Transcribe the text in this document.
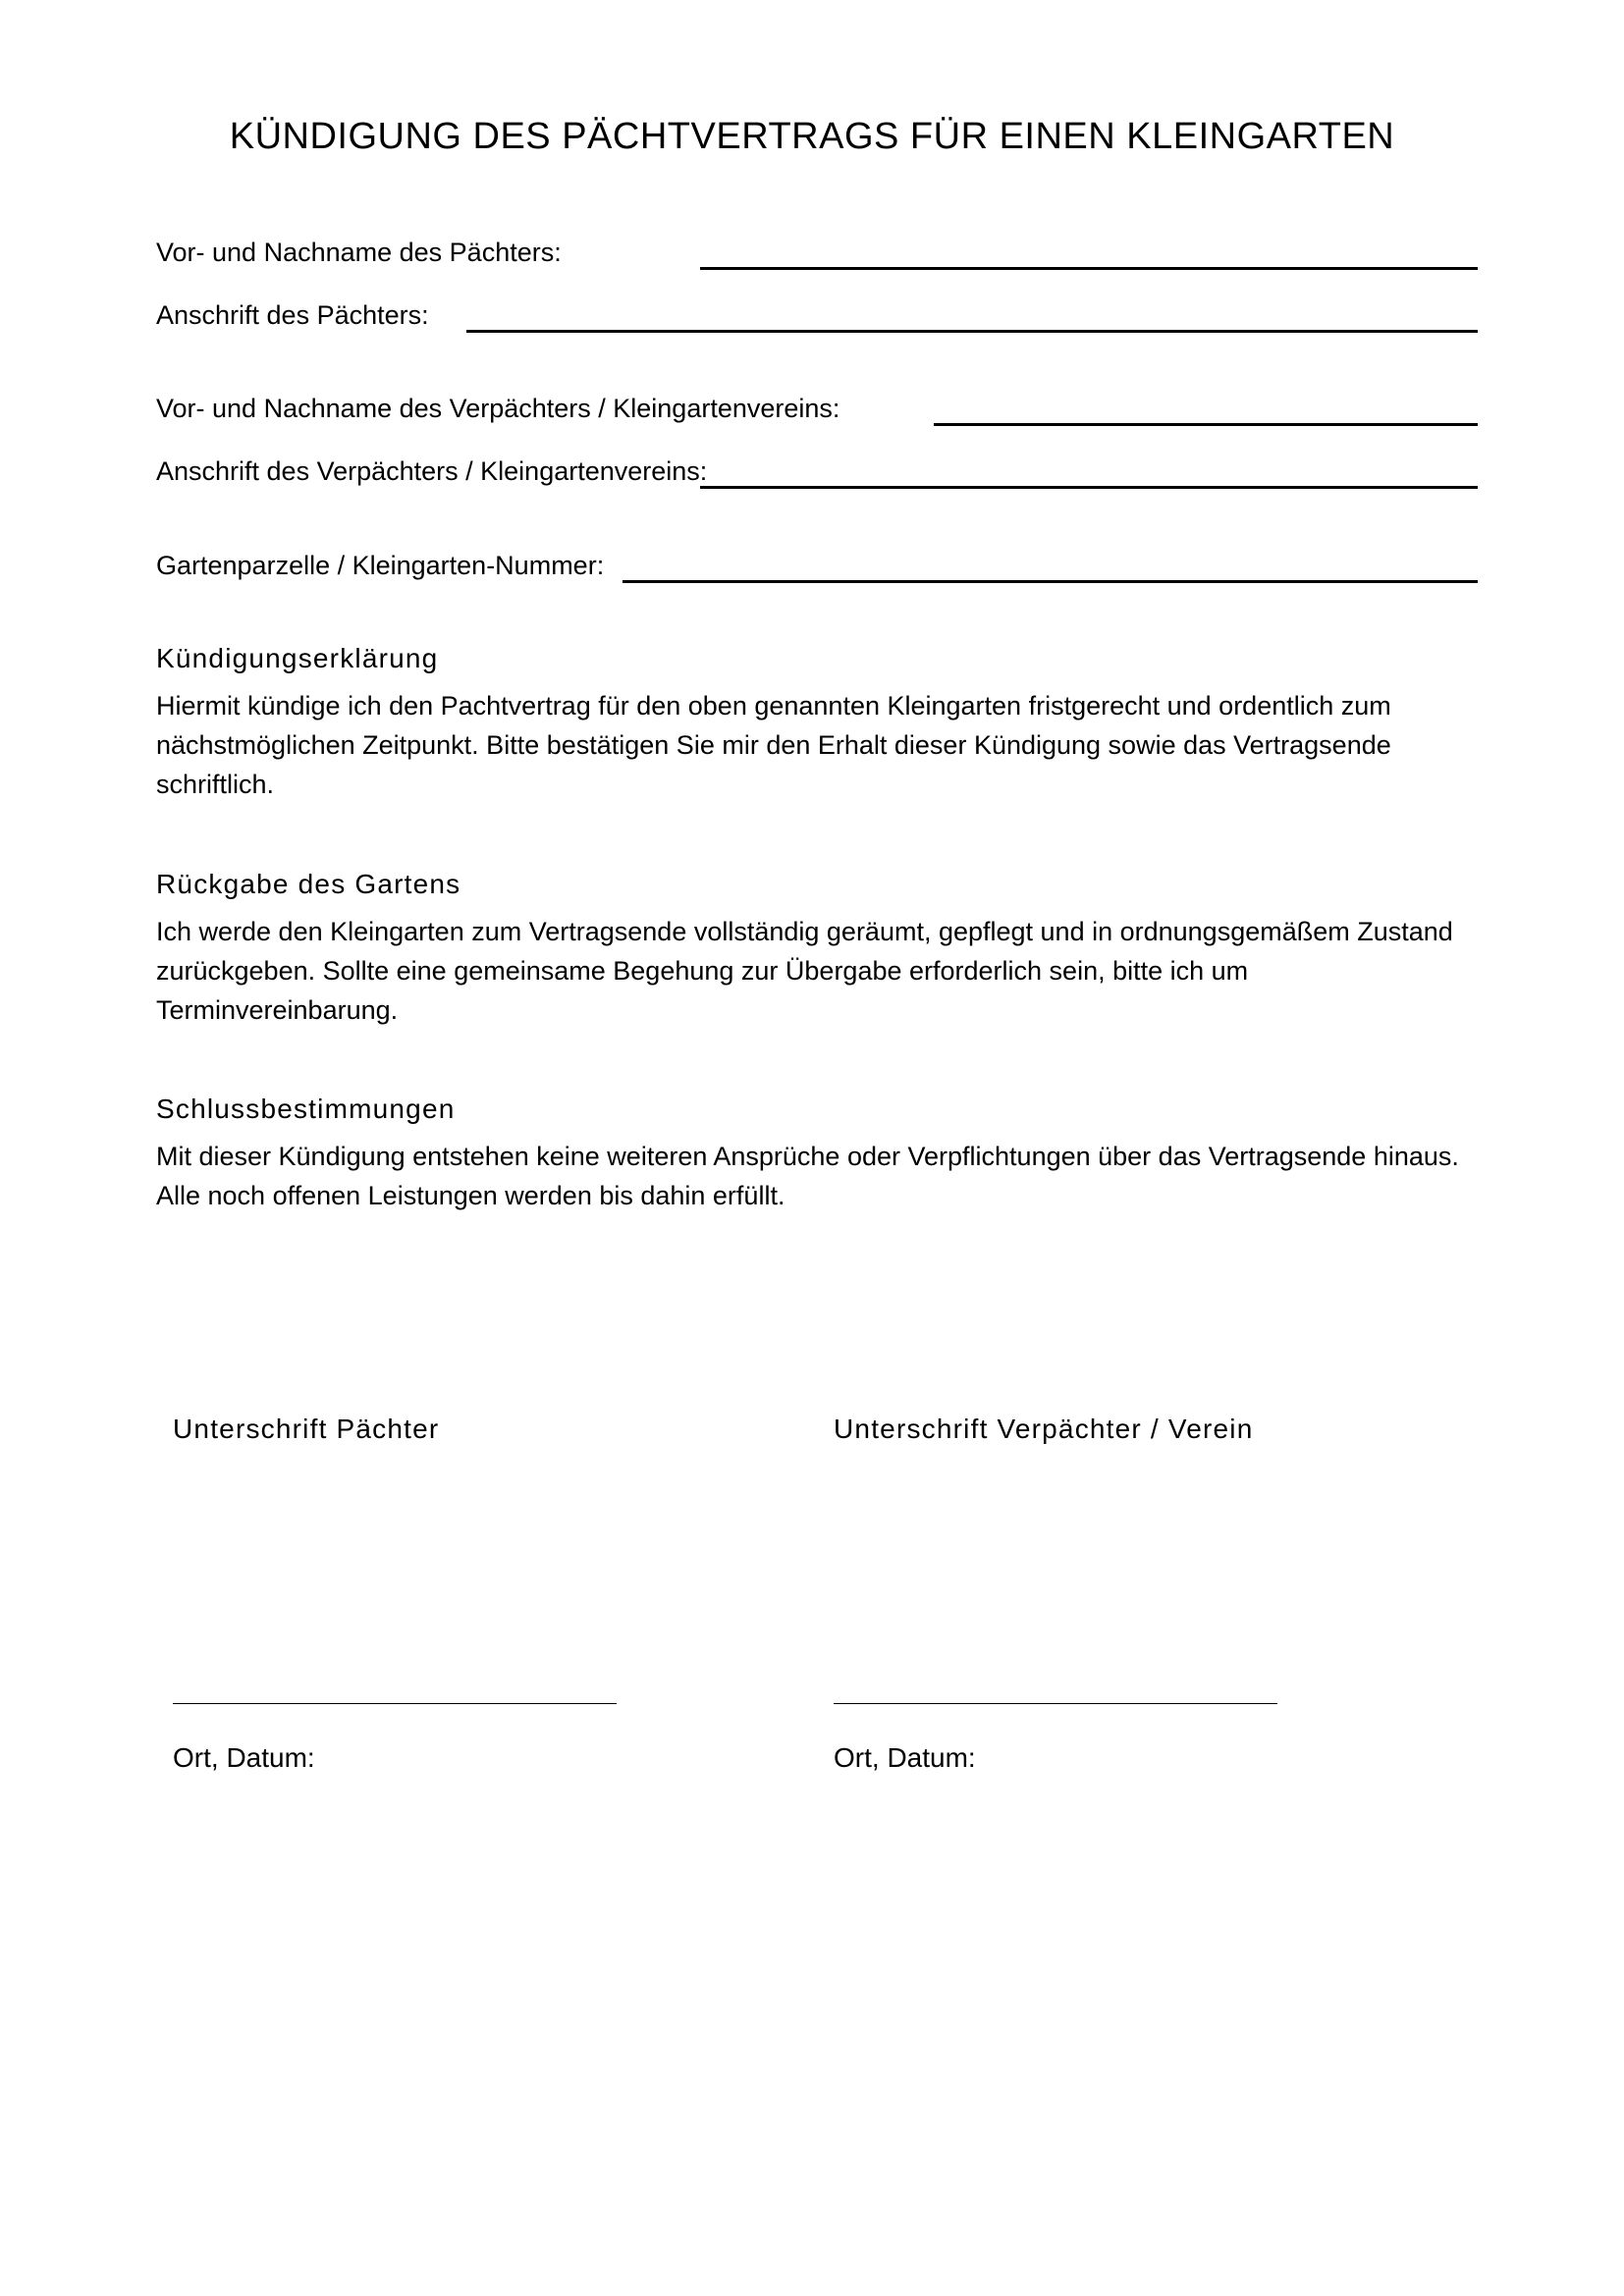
KÜNDIGUNG DES PÄCHTVERTRAGS FÜR EINEN KLEINGARTEN
Vor- und Nachname des Pächters:
Anschrift des Pächters:
Vor- und Nachname des Verpächters / Kleingartenvereins:
Anschrift des Verpächters / Kleingartenvereins:
Gartenparzelle / Kleingarten-Nummer:
Kündigungserklärung

Hiermit kündige ich den Pachtvertrag für den oben genannten Kleingarten fristgerecht und ordentlich zum nächstmöglichen Zeitpunkt. Bitte bestätigen Sie mir den Erhalt dieser Kündigung sowie das Vertragsende schriftlich.

Rückgabe des Gartens

Ich werde den Kleingarten zum Vertragsende vollständig geräumt, gepflegt und in ordnungsgemäßem Zustand zurückgeben. Sollte eine gemeinsame Begehung zur Übergabe erforderlich sein, bitte ich um Terminvereinbarung.

Schlussbestimmungen

Mit dieser Kündigung entstehen keine weiteren Ansprüche oder Verpflichtungen über das Vertragsende hinaus. Alle noch offenen Leistungen werden bis dahin erfüllt.

Unterschrift Pächter	Unterschrift Verpächter / Verein
Ort, Datum:	Ort, Datum:
